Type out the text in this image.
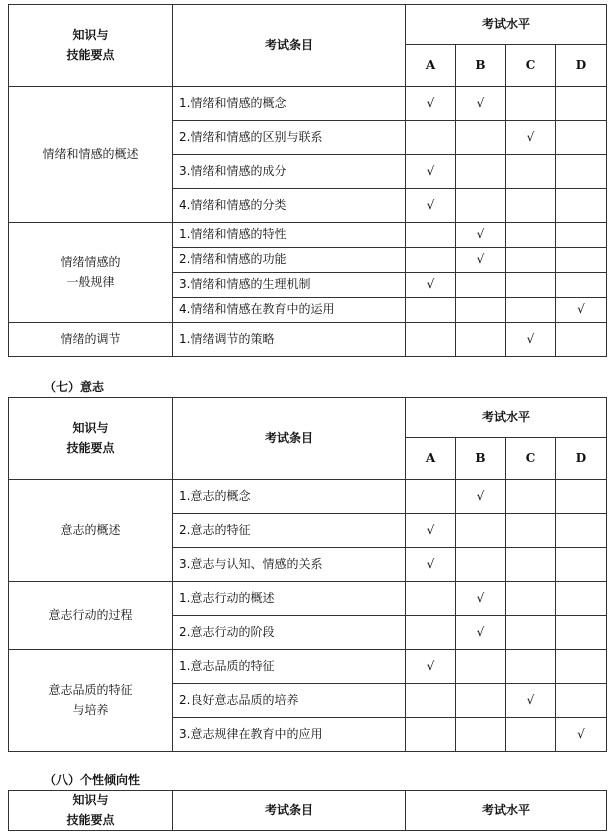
知识与
技能要点	考试条目	考试水平			
		A	B	C	D
情绪和情感的概述	1.情绪和情感的概念	√	√		
	2.情绪和情感的区别与联系			√	
	3.情绪和情感的成分	√			
	4.情绪和情感的分类	√			
情绪情感的
一般规律	1.情绪和情感的特性		√		
	2.情绪和情感的功能		√		
	3.情绪和情感的生理机制	√			
	4.情绪和情感在教育中的运用				√
情绪的调节	1.情绪调节的策略			√	
（七）意志
知识与
技能要点	考试条目	考试水平			
		A	B	C	D
意志的概述	1.意志的概念		√		
	2.意志的特征	√			
	3.意志与认知、情感的关系	√			
意志行动的过程	1.意志行动的概述		√		
	2.意志行动的阶段		√		
意志品质的特征
与培养	1.意志品质的特征	√			
	2.良好意志品质的培养			√	
	3.意志规律在教育中的应用				√
（八）个性倾向性
知识与
技能要点	考试条目	考试水平
